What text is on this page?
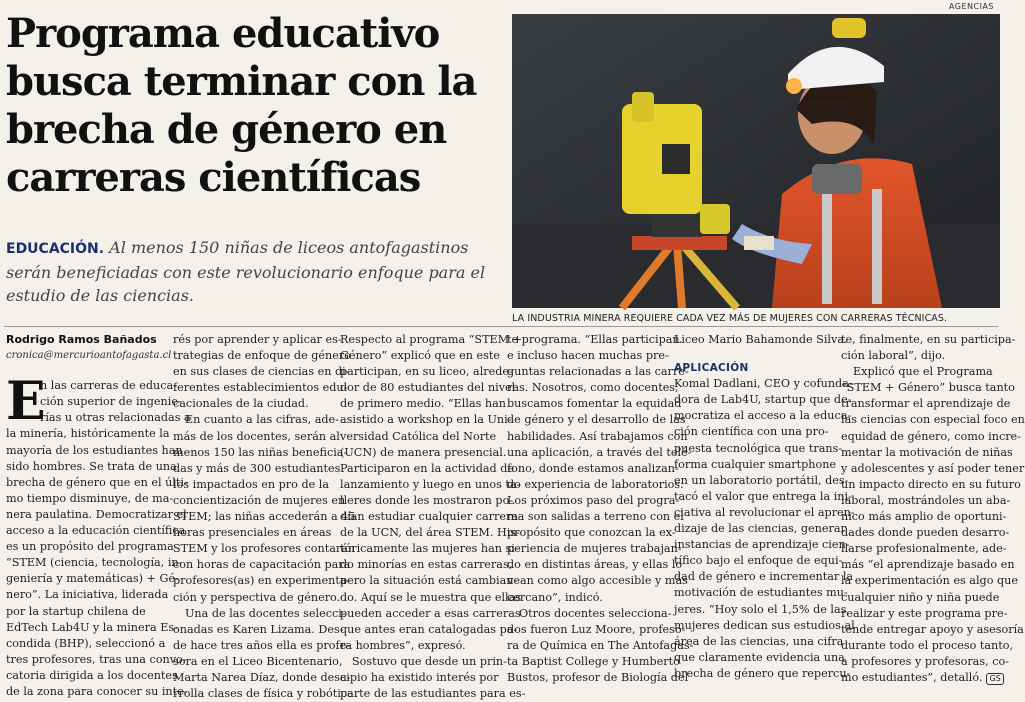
Programa educativo
busca terminar con la
brecha de género en
carreras científicas
EDUCACIÓN. Al menos 150 niñas de liceos antofagastinos
serán beneficiadas con este revolucionario enfoque para el
estudio de las ciencias.
AGENCIAS
LA INDUSTRIA MINERA REQUIERE CADA VEZ MÁS DE MUJERES CON CARRERAS TÉCNICAS.
Rodrigo Ramos Bañados
cronica@mercurioantofagasta.cl
E
n las carreras de educa-
ción superior de ingenie-
rías u otras relacionadas a
la minería, históricamente la
mayoría de los estudiantes han
sido hombres. Se trata de una
brecha de género que en el últi-
mo tiempo disminuye, de ma-
nera paulatina. Democratizar el
acceso a la educación científica
es un propósito del programa
“STEM (ciencia, tecnología, in-
geniería y matemáticas) + Gé-
nero”. La iniciativa, liderada
por la startup chilena de
EdTech Lab4U y la minera Es-
condida (BHP), seleccionó a
tres profesores, tras una convo-
catoria dirigida a los docentes
de la zona para conocer su inte-
rés por aprender y aplicar es-
trategias de enfoque de género
en sus clases de ciencias en di-
ferentes establecimientos edu-
cacionales de la ciudad.
En cuanto a las cifras, ade-
más de los docentes, serán al
menos 150 las niñas beneficia-
das y más de 300 estudiantes
los impactados en pro de la
concientización de mujeres en
STEM; las niñas accederán a 45
horas presenciales en áreas
STEM y los profesores contarán
con horas de capacitación para
profesores(as) en experimenta-
ción y perspectiva de género.
Una de las docentes selecci-
onadas es Karen Lizama. Des-
de hace tres años ella es profe-
sora en el Liceo Bicentenario,
Marta Narea Díaz, donde desa-
rrolla clases de física y robótica.
Respecto al programa “STEM +
Género” explicó que en este
participan, en su liceo, alrede-
dor de 80 estudiantes del nivel
de primero medio. “Ellas han
asistido a workshop en la Uni-
versidad Católica del Norte
(UCN) de manera presencial.
Participaron en la actividad de
lanzamiento y luego en unos ta-
lleres donde les mostraron po-
dían estudiar cualquier carrera
de la UCN, del área STEM. His-
tóricamente las mujeres han si-
do minorías en estas carreras,
pero la situación está cambian-
do. Aquí se le muestra que ellas
pueden acceder a esas carreras
que antes eran catalogadas pa-
ra hombres”, expresó.
Sostuvo que desde un prin-
cipio ha existido interés por
parte de las estudiantes para es-
te programa. “Ellas participan
e incluso hacen muchas pre-
guntas relacionadas a las carre-
ras. Nosotros, como docentes,
buscamos fomentar la equidad
de género y el desarrollo de las
habilidades. Así trabajamos con
una aplicación, a través del telé-
fono, donde estamos analizan-
do experiencia de laboratorios.
Los próximos paso del progra-
ma son salidas a terreno con el
propósito que conozcan la ex-
periencia de mujeres trabajan-
do en distintas áreas, y ellas lo
vean como algo accesible y más
cercano”, indicó.
Otros docentes selecciona-
dos fueron Luz Moore, profeso-
ra de Química en The Antofagas-
ta Baptist College y Humberto
Bustos, profesor de Biología del
Liceo Mario Bahamonde Silva.
APLICACIÓN
Komal Dadlani, CEO y cofunda-
dora de Lab4U, startup que de-
mocratiza el acceso a la educa-
ción científica con una pro-
puesta tecnológica que trans-
forma cualquier smartphone
en un laboratorio portátil, des-
tacó el valor que entrega la ini-
ciativa al revolucionar el apren-
dizaje de las ciencias, generar
instancias de aprendizaje cien-
tífico bajo el enfoque de equi-
dad de género e incrementar la
motivación de estudiantes mu-
jeres. “Hoy solo el 1,5% de las
mujeres dedican sus estudios al
área de las ciencias, una cifra
que claramente evidencia una
brecha de género que repercu-
te, finalmente, en su participa-
ción laboral”, dijo.
Explicó que el Programa
“STEM + Género” busca tanto
transformar el aprendizaje de
las ciencias con especial foco en
equidad de género, como incre-
mentar la motivación de niñas
y adolescentes y así poder tener
un impacto directo en su futuro
laboral, mostrándoles un aba-
nico más amplio de oportuni-
dades donde pueden desarro-
llarse profesionalmente, ade-
más “el aprendizaje basado en
la experimentación es algo que
cualquier niño y niña puede
realizar y este programa pre-
tende entregar apoyo y asesoría
durante todo el proceso tanto,
a profesores y profesoras, co-
mo estudiantes”, detalló. GS
